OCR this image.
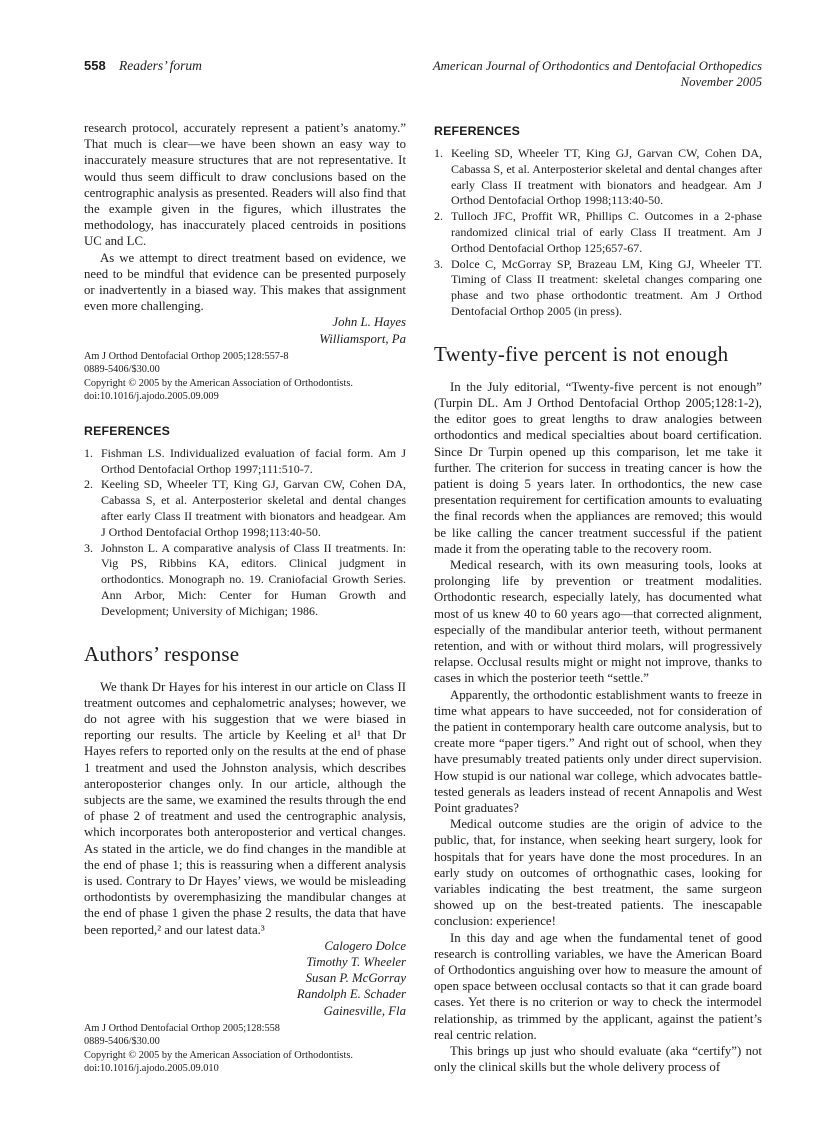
558 Readers’ forum	American Journal of Orthodontics and Dentofacial Orthopedics
November 2005

research protocol, accurately represent a patient’s anatomy.” That much is clear—we have been shown an easy way to inaccurately measure structures that are not representative. It would thus seem difficult to draw conclusions based on the centrographic analysis as presented. Readers will also find that the example given in the figures, which illustrates the methodology, has inaccurately placed centroids in positions UC and LC.

As we attempt to direct treatment based on evidence, we need to be mindful that evidence can be presented purposely or inadvertently in a biased way. This makes that assignment even more challenging.

John L. Hayes
Williamsport, Pa
Am J Orthod Dentofacial Orthop 2005;128:557-8
0889-5406/$30.00
Copyright © 2005 by the American Association of Orthodontists.
doi:10.1016/j.ajodo.2005.09.009
REFERENCES
1. Fishman LS. Individualized evaluation of facial form. Am J Orthod Dentofacial Orthop 1997;111:510-7.
2. Keeling SD, Wheeler TT, King GJ, Garvan CW, Cohen DA, Cabassa S, et al. Anterposterior skeletal and dental changes after early Class II treatment with bionators and headgear. Am J Orthod Dentofacial Orthop 1998;113:40-50.
3. Johnston L. A comparative analysis of Class II treatments. In: Vig PS, Ribbins KA, editors. Clinical judgment in orthodontics. Monograph no. 19. Craniofacial Growth Series. Ann Arbor, Mich: Center for Human Growth and Development; University of Michigan; 1986.
Authors’ response

We thank Dr Hayes for his interest in our article on Class II treatment outcomes and cephalometric analyses; however, we do not agree with his suggestion that we were biased in reporting our results. The article by Keeling et al¹ that Dr Hayes refers to reported only on the results at the end of phase 1 treatment and used the Johnston analysis, which describes anteroposterior changes only. In our article, although the subjects are the same, we examined the results through the end of phase 2 of treatment and used the centrographic analysis, which incorporates both anteroposterior and vertical changes. As stated in the article, we do find changes in the mandible at the end of phase 1; this is reassuring when a different analysis is used. Contrary to Dr Hayes’ views, we would be misleading orthodontists by overemphasizing the mandibular changes at the end of phase 1 given the phase 2 results, the data that have been reported,² and our latest data.³

Calogero Dolce
Timothy T. Wheeler
Susan P. McGorray
Randolph E. Schader
Gainesville, Fla
Am J Orthod Dentofacial Orthop 2005;128:558
0889-5406/$30.00
Copyright © 2005 by the American Association of Orthodontists.
doi:10.1016/j.ajodo.2005.09.010
REFERENCES
1. Keeling SD, Wheeler TT, King GJ, Garvan CW, Cohen DA, Cabassa S, et al. Anterposterior skeletal and dental changes after early Class II treatment with bionators and headgear. Am J Orthod Dentofacial Orthop 1998;113:40-50.
2. Tulloch JFC, Proffit WR, Phillips C. Outcomes in a 2-phase randomized clinical trial of early Class II treatment. Am J Orthod Dentofacial Orthop 125;657-67.
3. Dolce C, McGorray SP, Brazeau LM, King GJ, Wheeler TT. Timing of Class II treatment: skeletal changes comparing one phase and two phase orthodontic treatment. Am J Orthod Dentofacial Orthop 2005 (in press).
Twenty-five percent is not enough

In the July editorial, “Twenty-five percent is not enough” (Turpin DL. Am J Orthod Dentofacial Orthop 2005;128:1-2), the editor goes to great lengths to draw analogies between orthodontics and medical specialties about board certification. Since Dr Turpin opened up this comparison, let me take it further. The criterion for success in treating cancer is how the patient is doing 5 years later. In orthodontics, the new case presentation requirement for certification amounts to evaluating the final records when the appliances are removed; this would be like calling the cancer treatment successful if the patient made it from the operating table to the recovery room.

Medical research, with its own measuring tools, looks at prolonging life by prevention or treatment modalities. Orthodontic research, especially lately, has documented what most of us knew 40 to 60 years ago—that corrected alignment, especially of the mandibular anterior teeth, without permanent retention, and with or without third molars, will progressively relapse. Occlusal results might or might not improve, thanks to cases in which the posterior teeth “settle.”

Apparently, the orthodontic establishment wants to freeze in time what appears to have succeeded, not for consideration of the patient in contemporary health care outcome analysis, but to create more “paper tigers.” And right out of school, when they have presumably treated patients only under direct supervision. How stupid is our national war college, which advocates battle-tested generals as leaders instead of recent Annapolis and West Point graduates?

Medical outcome studies are the origin of advice to the public, that, for instance, when seeking heart surgery, look for hospitals that for years have done the most procedures. In an early study on outcomes of orthognathic cases, looking for variables indicating the best treatment, the same surgeon showed up on the best-treated patients. The inescapable conclusion: experience!

In this day and age when the fundamental tenet of good research is controlling variables, we have the American Board of Orthodontics anguishing over how to measure the amount of open space between occlusal contacts so that it can grade board cases. Yet there is no criterion or way to check the intermodel relationship, as trimmed by the applicant, against the patient’s real centric relation.

This brings up just who should evaluate (aka “certify”) not only the clinical skills but the whole delivery process of
